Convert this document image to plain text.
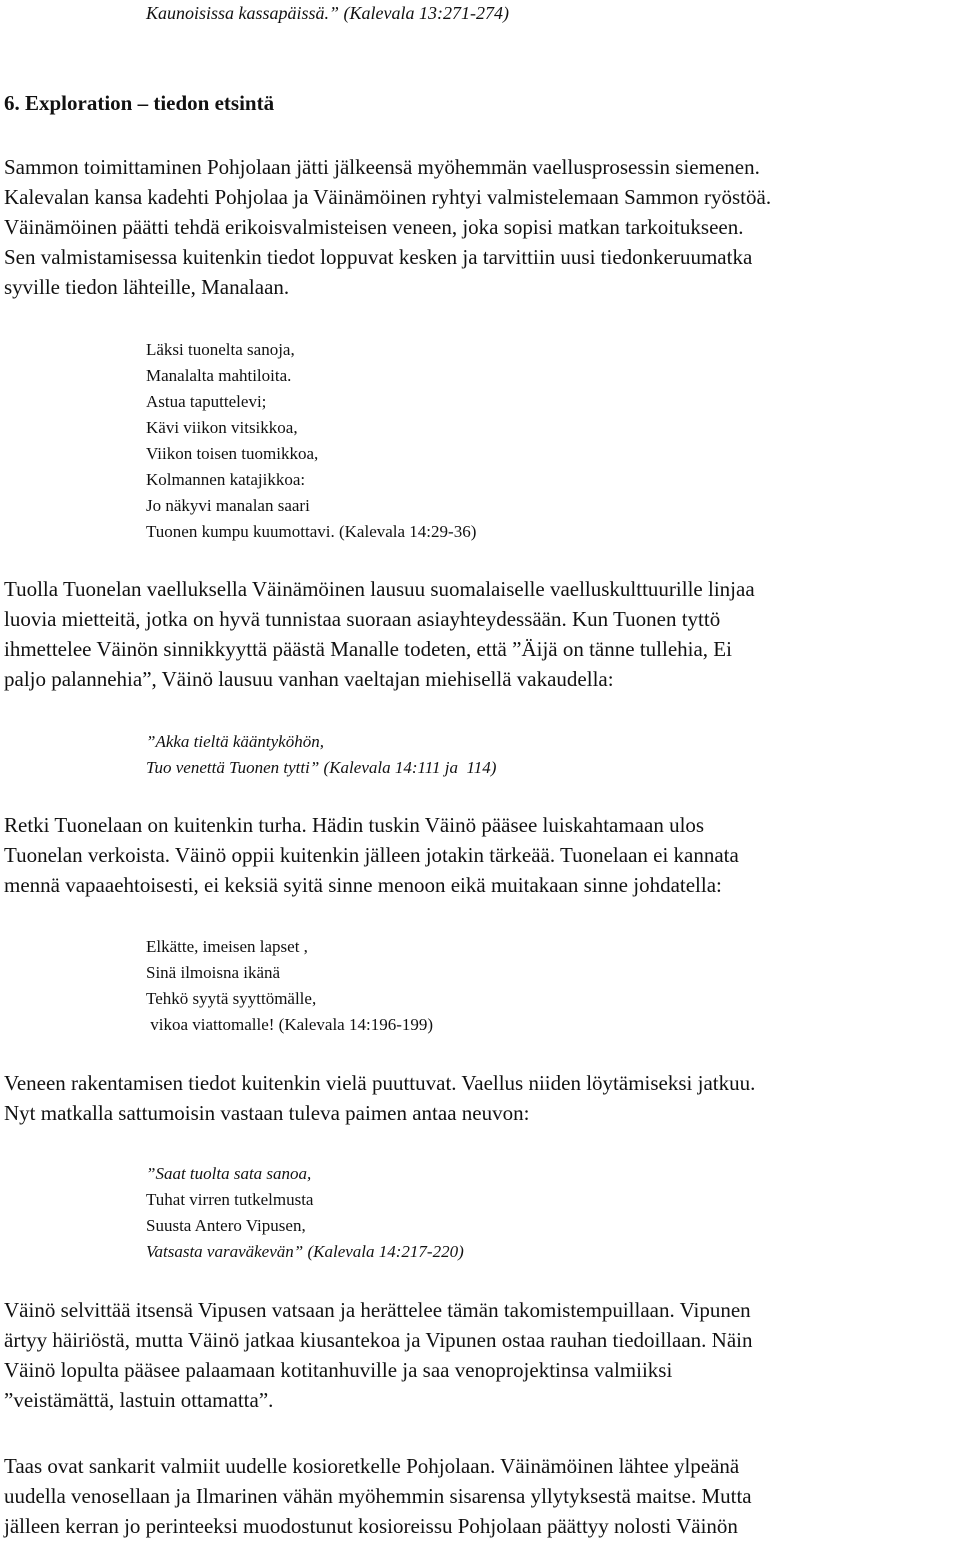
Kaunoisissa kassapäissä.” (Kalevala 13:271-274)
6. Exploration – tiedon etsintä
Sammon toimittaminen Pohjolaan jätti jälkeensä myöhemmän vaellusprosessin siemenen.
Kalevalan kansa kadehti Pohjolaa ja Väinämöinen ryhtyi valmistelemaan Sammon ryöstöä.
Väinämöinen päätti tehdä erikoisvalmisteisen veneen, joka sopisi matkan tarkoitukseen.
Sen valmistamisessa kuitenkin tiedot loppuvat kesken ja tarvittiin uusi tiedonkeruumatka
syville tiedon lähteille, Manalaan.
Läksi tuonelta sanoja,
Manalalta mahtiloita.
Astua taputtelevi;
Kävi viikon vitsikkoa,
Viikon toisen tuomikkoa,
Kolmannen katajikkoa:
Jo näkyvi manalan saari
Tuonen kumpu kuumottavi. (Kalevala 14:29-36)
Tuolla Tuonelan vaelluksella Väinämöinen lausuu suomalaiselle vaelluskulttuurille linjaa
luovia mietteitä, jotka on hyvä tunnistaa suoraan asiayhteydessään. Kun Tuonen tyttö
ihmettelee Väinön sinnikkyyttä päästä Manalle todeten, että ”Äijä on tänne tullehia, Ei
paljo palannehia”, Väinö lausuu vanhan vaeltajan miehisellä vakaudella:
”Akka tieltä kääntyköhön,
Tuo venettä Tuonen tytti” (Kalevala 14:111 ja  114)
Retki Tuonelaan on kuitenkin turha. Hädin tuskin Väinö pääsee luiskahtamaan ulos
Tuonelan verkoista. Väinö oppii kuitenkin jälleen jotakin tärkeää. Tuonelaan ei kannata
mennä vapaaehtoisesti, ei keksiä syitä sinne menoon eikä muitakaan sinne johdatella:
Elkätte, imeisen lapset ,
Sinä ilmoisna ikänä
Tehkö syytä syyttömälle,
vikoa viattomalle! (Kalevala 14:196-199)
Veneen rakentamisen tiedot kuitenkin vielä puuttuvat. Vaellus niiden löytämiseksi jatkuu.
Nyt matkalla sattumoisin vastaan tuleva paimen antaa neuvon:
”Saat tuolta sata sanoa,
Tuhat virren tutkelmusta
Suusta Antero Vipusen,
Vatsasta varaväkevän” (Kalevala 14:217-220)
Väinö selvittää itsensä Vipusen vatsaan ja herättelee tämän takomistempuillaan. Vipunen
ärtyy häiriöstä, mutta Väinö jatkaa kiusantekoa ja Vipunen ostaa rauhan tiedoillaan. Näin
Väinö lopulta pääsee palaamaan kotitanhuville ja saa venoprojektinsa valmiiksi
”veistämättä, lastuin ottamatta”.
Taas ovat sankarit valmiit uudelle kosioretkelle Pohjolaan. Väinämöinen lähtee ylpeänä
uudella venosellaan ja Ilmarinen vähän myöhemmin sisarensa yllytyksestä maitse. Mutta
jälleen kerran jo perinteeksi muodostunut kosioreissu Pohjolaan päättyy nolosti Väinön
